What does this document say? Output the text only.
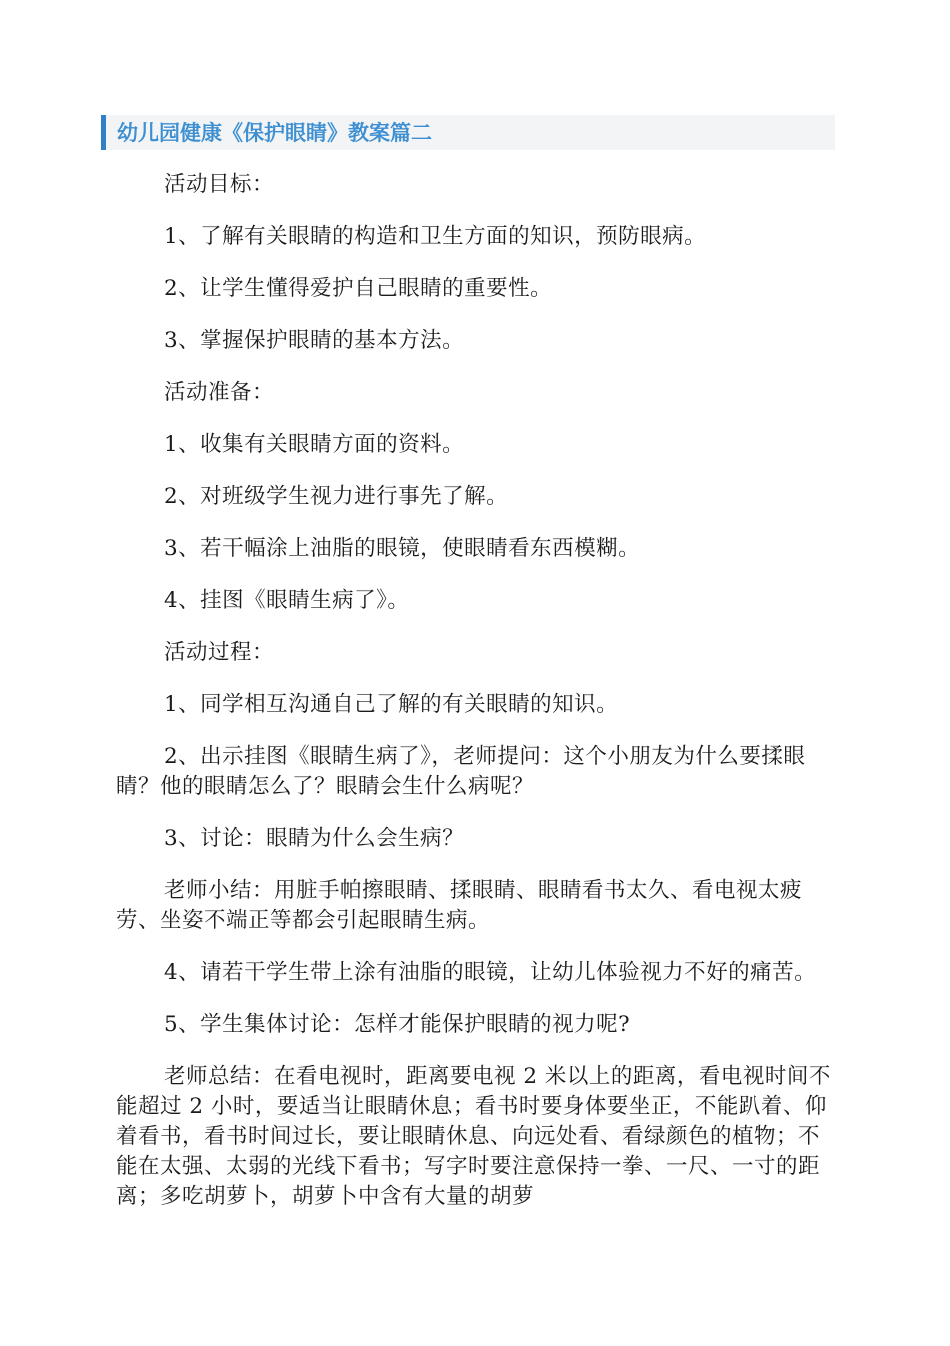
幼儿园健康《保护眼睛》教案篇二

活动目标：

1、了解有关眼睛的构造和卫生方面的知识，预防眼病。

2、让学生懂得爱护自己眼睛的重要性。

3、掌握保护眼睛的基本方法。

活动准备：

1、收集有关眼睛方面的资料。

2、对班级学生视力进行事先了解。

3、若干幅涂上油脂的眼镜，使眼睛看东西模糊。

4、挂图《眼睛生病了》。

活动过程：

1、同学相互沟通自己了解的有关眼睛的知识。

2、出示挂图《眼睛生病了》，老师提问：这个小朋友为什么要揉眼睛？他的眼睛怎么了？眼睛会生什么病呢？

3、讨论：眼睛为什么会生病？

老师小结：用脏手帕擦眼睛、揉眼睛、眼睛看书太久、看电视太疲劳、坐姿不端正等都会引起眼睛生病。

4、请若干学生带上涂有油脂的眼镜，让幼儿体验视力不好的痛苦。

5、学生集体讨论：怎样才能保护眼睛的视力呢?

老师总结：在看电视时，距离要电视 2 米以上的距离，看电视时间不能超过 2 小时，要适当让眼睛休息；看书时要身体要坐正，不能趴着、仰着看书，看书时间过长，要让眼睛休息、向远处看、看绿颜色的植物；不能在太强、太弱的光线下看书；写字时要注意保持一拳、一尺、一寸的距离；多吃胡萝卜，胡萝卜中含有大量的胡萝
